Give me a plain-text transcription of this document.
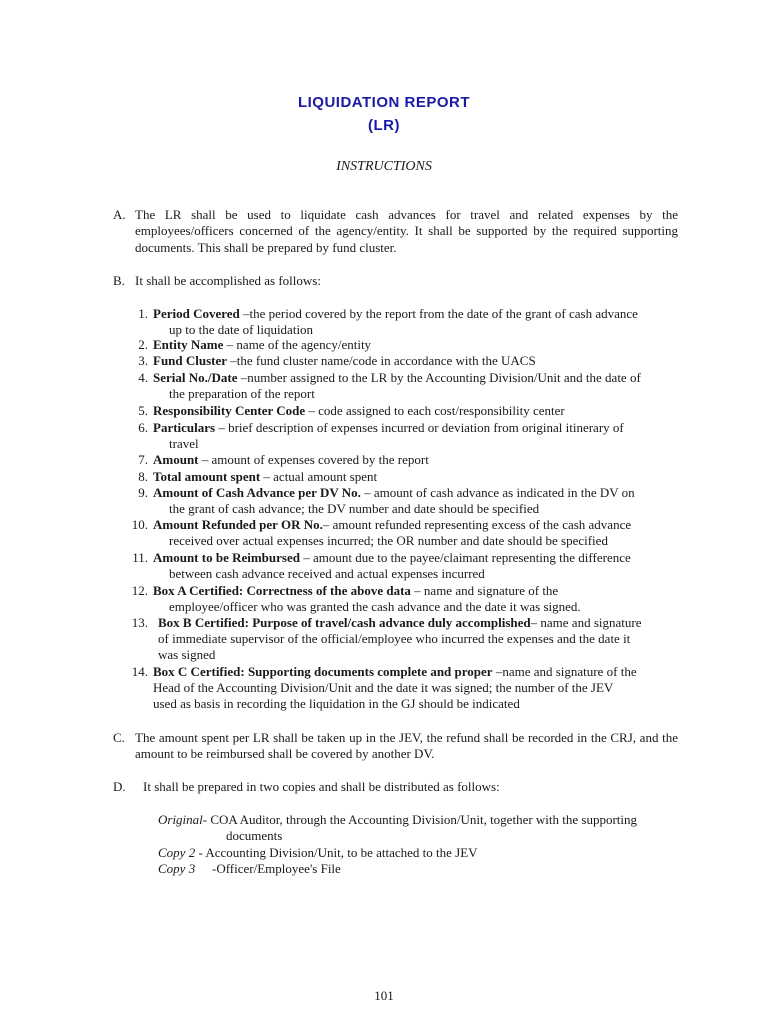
LIQUIDATION REPORT
(LR)
INSTRUCTIONS
A. The LR shall be used to liquidate cash advances for travel and related expenses by the employees/officers concerned of the agency/entity. It shall be supported by the required supporting documents. This shall be prepared by fund cluster.
B. It shall be accomplished as follows:
1. Period Covered –the period covered by the report from the date of the grant of cash advance
up to the date of liquidation
2. Entity Name – name of the agency/entity
3. Fund Cluster –the fund cluster name/code in accordance with the UACS
4. Serial No./Date –number assigned to the LR by the Accounting Division/Unit and the date of
the preparation of the report
5. Responsibility Center Code – code assigned to each cost/responsibility center
6. Particulars – brief description of expenses incurred or deviation from original itinerary of
travel
7. Amount – amount of expenses covered by the report
8. Total amount spent – actual amount spent
9. Amount of Cash Advance per DV No. – amount of cash advance as indicated in the DV on
the grant of cash advance; the DV number and date should be specified
10. Amount Refunded per OR No.– amount refunded representing excess of the cash advance
received over actual expenses incurred; the OR number and date should be specified
11. Amount to be Reimbursed – amount due to the payee/claimant representing the difference
between cash advance received and actual expenses incurred
12. Box A Certified: Correctness of the above data – name and signature of the
employee/officer who was granted the cash advance and the date it was signed.
13. Box B Certified: Purpose of travel/cash advance duly accomplished– name and signature
of immediate supervisor of the official/employee who incurred the expenses and the date it
was signed
14. Box C Certified: Supporting documents complete and proper –name and signature of the
Head of the Accounting Division/Unit and the date it was signed; the number of the JEV
used as basis in recording the liquidation in the GJ should be indicated
C. The amount spent per LR shall be taken up in the JEV, the refund shall be recorded in the CRJ, and the amount to be reimbursed shall be covered by another DV.
D. It shall be prepared in two copies and shall be distributed as follows:
Original- COA Auditor, through the Accounting Division/Unit, together with the supporting
documents
Copy 2 - Accounting Division/Unit, to be attached to the JEV
Copy 3 -Officer/Employee's File
101
